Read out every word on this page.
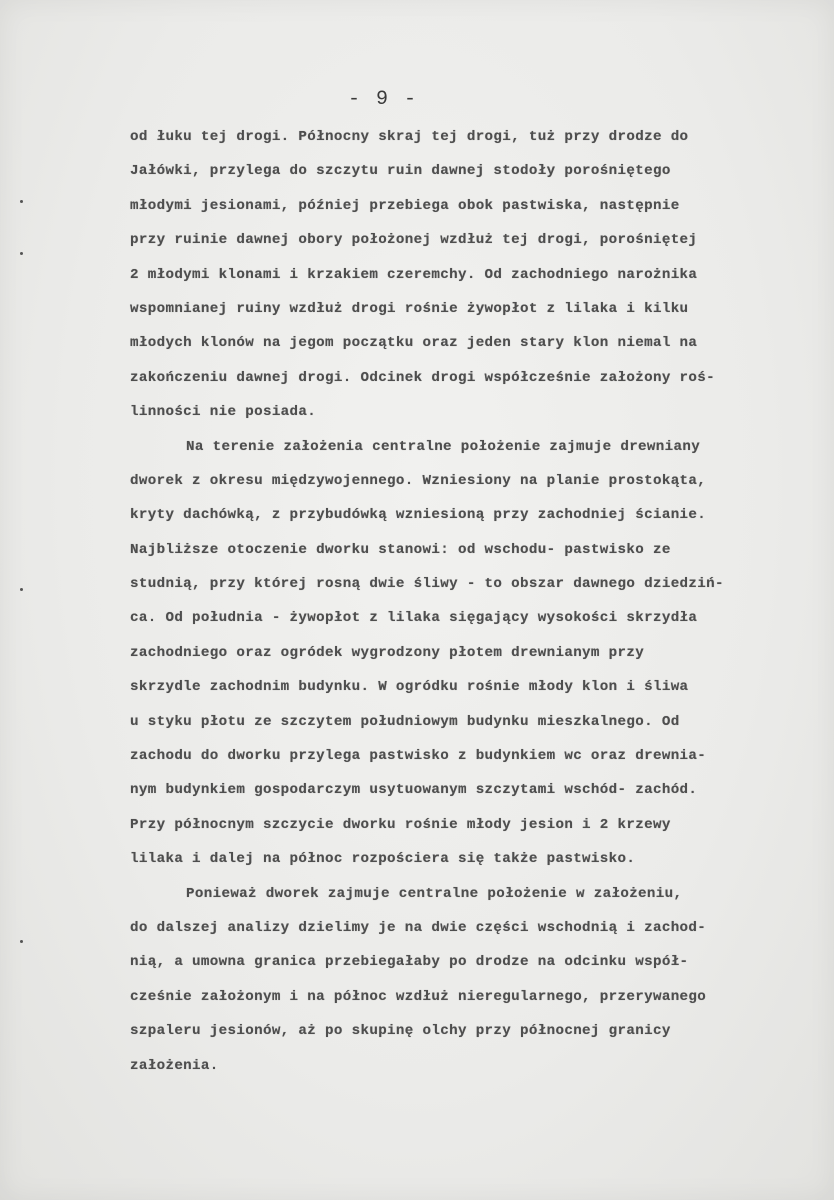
- 9 -
od łuku tej drogi. Północny skraj tej drogi, tuż przy drodze do
Jałówki, przylega do szczytu ruin dawnej stodoły porośniętego
młodymi jesionami, później przebiega obok pastwiska, następnie
przy ruinie dawnej obory położonej wzdłuż tej drogi, porośniętej
2 młodymi klonami i krzakiem czeremchy. Od zachodniego narożnika
wspomnianej ruiny wzdłuż drogi rośnie żywopłot z lilaka i kilku
młodych klonów na jegom początku oraz jeden stary klon niemal na
zakończeniu dawnej drogi. Odcinek drogi współcześnie założony roś-
linności nie posiada.
Na terenie założenia centralne położenie zajmuje drewniany
dworek z okresu międzywojennego. Wzniesiony na planie prostokąta,
kryty dachówką, z przybudówką wzniesioną przy zachodniej ścianie.
Najbliższe otoczenie dworku stanowi: od wschodu- pastwisko ze
studnią, przy której rosną dwie śliwy - to obszar dawnego dziedziń-
ca. Od południa - żywopłot z lilaka sięgający wysokości skrzydła
zachodniego oraz ogródek wygrodzony płotem drewnianym przy
skrzydle zachodnim budynku. W ogródku rośnie młody klon i śliwa
u styku płotu ze szczytem południowym budynku mieszkalnego. Od
zachodu do dworku przylega pastwisko z budynkiem wc oraz drewnia-
nym budynkiem gospodarczym usytuowanym szczytami wschód- zachód.
Przy północnym szczycie dworku rośnie młody jesion i 2 krzewy
lilaka i dalej na północ rozpościera się także pastwisko.
Ponieważ dworek zajmuje centralne położenie w założeniu,
do dalszej analizy dzielimy je na dwie części wschodnią i zachod-
nią, a umowna granica przebiegałaby po drodze na odcinku współ-
cześnie założonym i na północ wzdłuż nieregularnego, przerywanego
szpaleru jesionów, aż po skupinę olchy przy północnej granicy
założenia.
